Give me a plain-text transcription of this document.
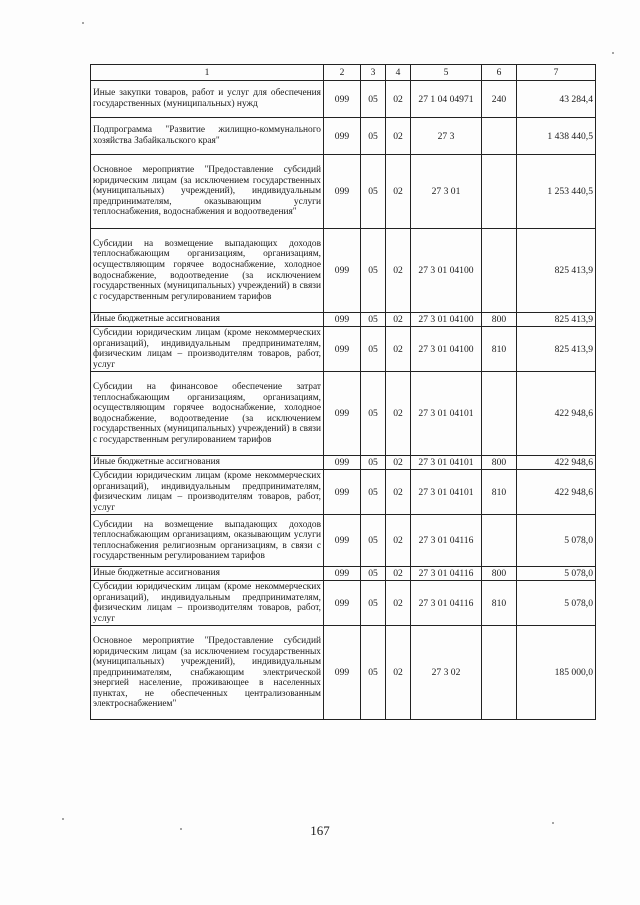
1	2	3	4	5	6	7
Иные закупки товаров, работ и услуг для обеспечения государственных (муниципальных) нужд	099	05	02	27 1 04 04971	240	43 284,4
Подпрограмма "Развитие жилищно-коммунального хозяйства Забайкальского края"	099	05	02	27 3		1 438 440,5
Основное мероприятие "Предоставление субсидий юридическим лицам (за исключением государственных (муниципальных) учреждений), индивидуальным предпринимателям, оказывающим услуги теплоснабжения, водоснабжения и водоотведения"	099	05	02	27 3 01		1 253 440,5
Субсидии на возмещение выпадающих доходов теплоснабжающим организациям, организациям, осуществляющим горячее водоснабжение, холодное водоснабжение, водоотведение (за исключением государственных (муниципальных) учреждений) в связи с государственным регулированием тарифов	099	05	02	27 3 01 04100		825 413,9
Иные бюджетные ассигнования	099	05	02	27 3 01 04100	800	825 413,9
Субсидии юридическим лицам (кроме некоммерческих организаций), индивидуальным предпринимателям, физическим лицам – производителям товаров, работ, услуг	099	05	02	27 3 01 04100	810	825 413,9
Субсидии на финансовое обеспечение затрат теплоснабжающим организациям, организациям, осуществляющим горячее водоснабжение, холодное водоснабжение, водоотведение (за исключением государственных (муниципальных) учреждений) в связи с государственным регулированием тарифов	099	05	02	27 3 01 04101		422 948,6
Иные бюджетные ассигнования	099	05	02	27 3 01 04101	800	422 948,6
Субсидии юридическим лицам (кроме некоммерческих организаций), индивидуальным предпринимателям, физическим лицам – производителям товаров, работ, услуг	099	05	02	27 3 01 04101	810	422 948,6
Субсидии на возмещение выпадающих доходов теплоснабжающим организациям, оказывающим услуги теплоснабжения религиозным организациям, в связи с государственным регулированием тарифов	099	05	02	27 3 01 04116		5 078,0
Иные бюджетные ассигнования	099	05	02	27 3 01 04116	800	5 078,0
Субсидии юридическим лицам (кроме некоммерческих организаций), индивидуальным предпринимателям, физическим лицам – производителям товаров, работ, услуг	099	05	02	27 3 01 04116	810	5 078,0
Основное мероприятие "Предоставление субсидий юридическим лицам (за исключением государственных (муниципальных) учреждений), индивидуальным предпринимателям, снабжающим электрической энергией население, проживающее в населенных пунктах, не обеспеченных централизованным электроснабжением"	099	05	02	27 3 02		185 000,0
167
